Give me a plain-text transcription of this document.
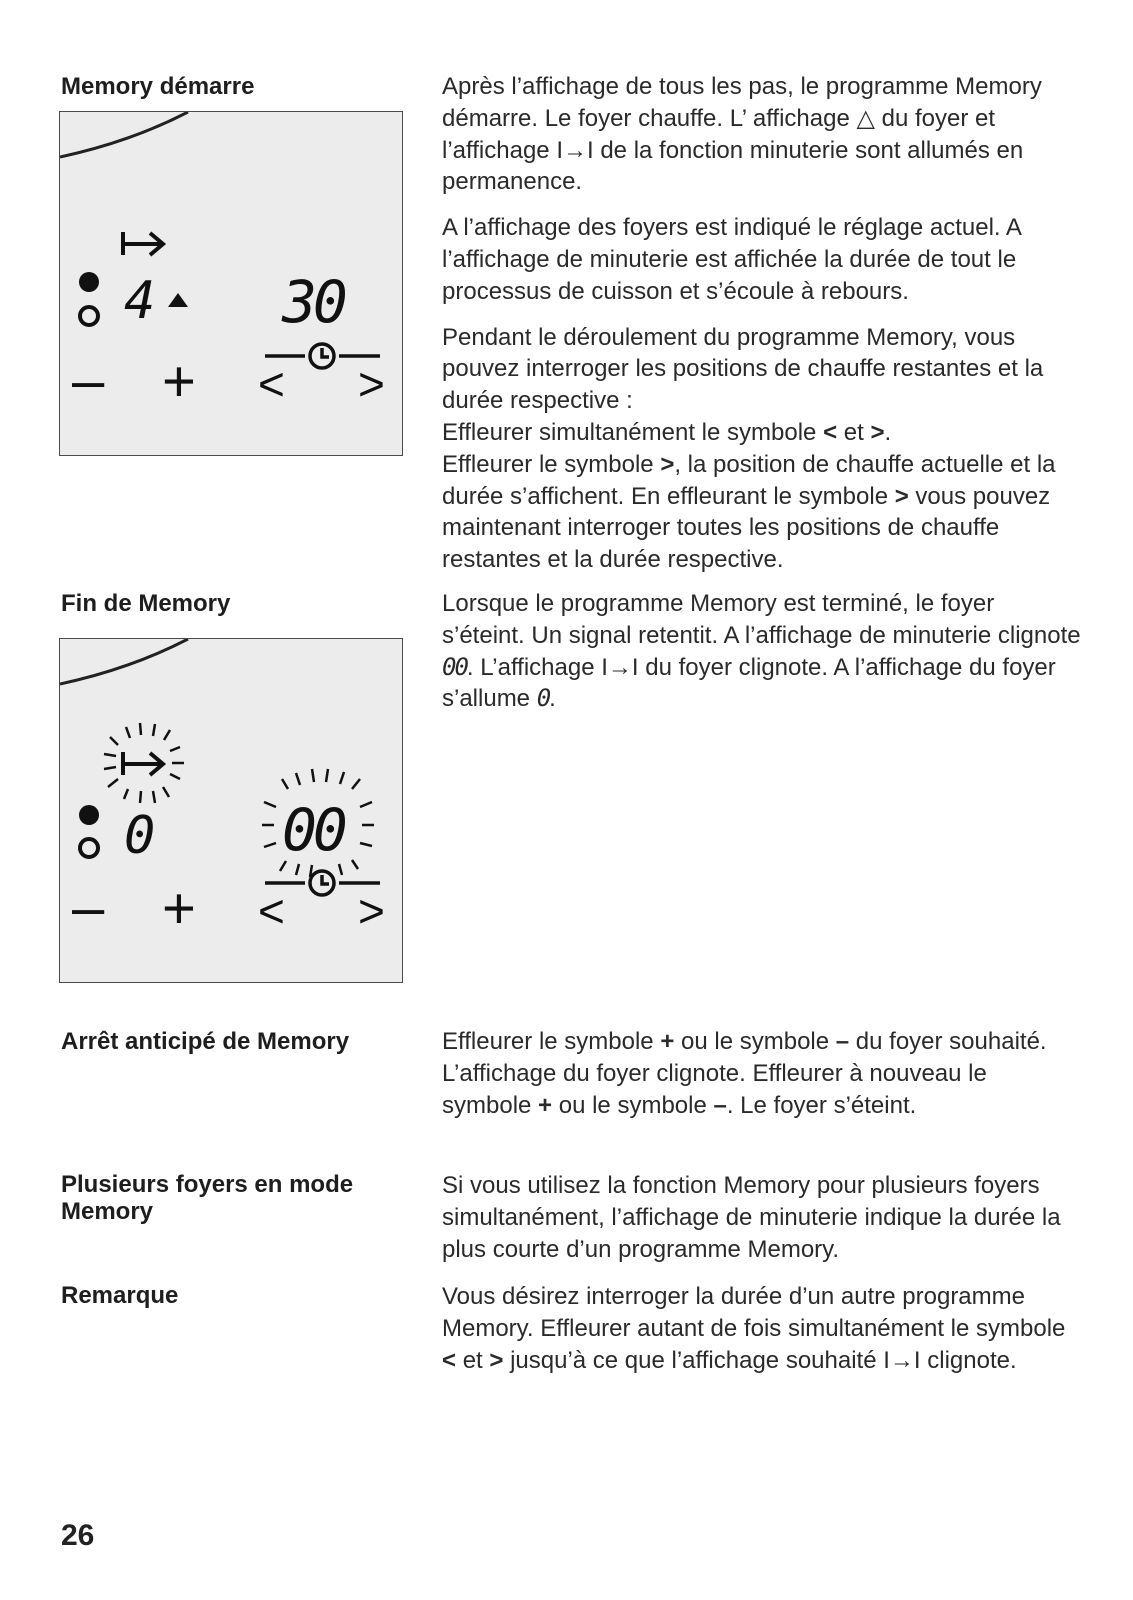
Memory démarre	Après l’affichage de tous les pas, le programme Memory démarre. Le foyer chauffe. L’ affichage △ du foyer et l’affichage I→I de la fonction minuterie sont allumés en permanence.

A l’affichage des foyers est indiqué le réglage actuel. A l’affichage de minuterie est affichée la durée de tout le processus de cuisson et s’écoule à rebours.

Pendant le déroulement du programme Memory, vous pouvez interroger les positions de chauffe restantes et la durée respective :
Effleurer simultanément le symbole < et >.
Effleurer le symbole >, la position de chauffe actuelle et la durée s’affichent. En effleurant le symbole > vous pouvez maintenant interroger toutes les positions de chauffe restantes et la durée respective.

4 30
– + < >
Fin de Memory	Lorsque le programme Memory est terminé, le foyer s’éteint. Un signal retentit. A l’affichage de minuterie clignote 00. L’affichage I→I du foyer clignote. A l’affichage du foyer s’allume 0.

0 00
– + < >
Arrêt anticipé de Memory	Effleurer le symbole + ou le symbole – du foyer souhaité. L’affichage du foyer clignote. Effleurer à nouveau le symbole + ou le symbole –. Le foyer s’éteint.

Plusieurs foyers en mode
Memory

Si vous utilisez la fonction Memory pour plusieurs foyers simultanément, l’affichage de minuterie indique la durée la plus courte d’un programme Memory.

Remarque	Vous désirez interroger la durée d’un autre programme Memory. Effleurer autant de fois simultanément le symbole < et > jusqu’à ce que l’affichage souhaité I→I clignote.

26
